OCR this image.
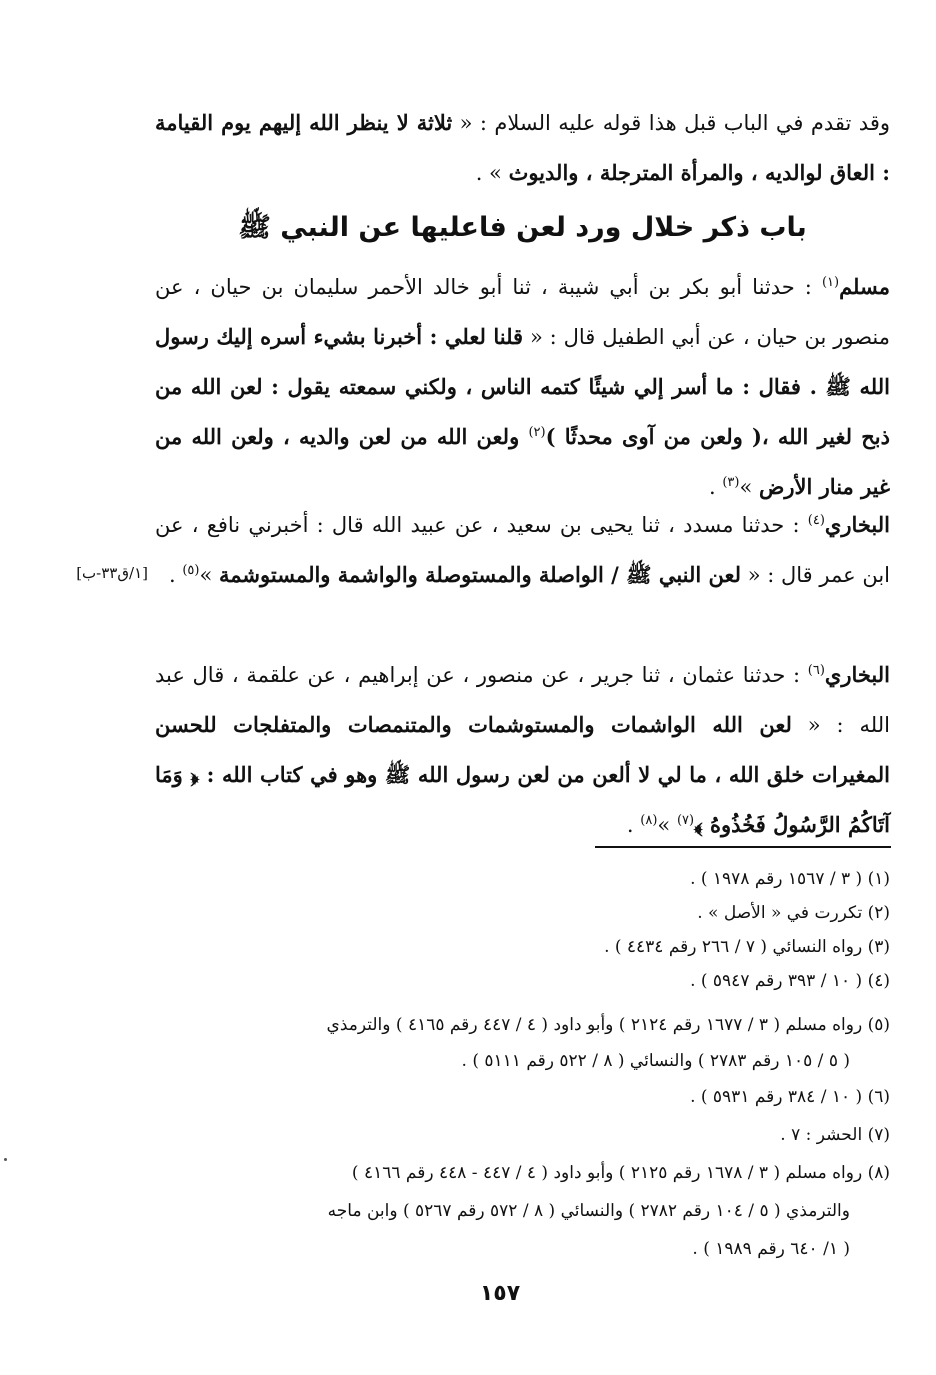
وقد تقدم في الباب قبل هذا قوله عليه السلام : « ثلاثة لا ينظر الله إليهم يوم القيامة : العاق لوالديه ، والمرأة المترجلة ، والديوث » .
باب ذكر خلال ورد لعن فاعليها عن النبي ﷺ
مسلم$^{(١)}$ : حدثنا أبو بكر بن أبي شيبة ، ثنا أبو خالد الأحمر سليمان بن حيان ، عن منصور بن حيان ، عن أبي الطفيل قال : « قلنا لعلي : أخبرنا بشيء أسره إليك رسول الله ﷺ . فقال : ما أسر إلي شيئًا كتمه الناس ، ولكني سمعته يقول : لعن الله من ذبح لغير الله ،( ولعن من آوى محدثًا )$^{(٢)}$ ولعن الله من لعن والديه ، ولعن الله من غير منار الأرض »$^{(٣)}$ .
البخاري$^{(٤)}$ : حدثنا مسدد ، ثنا يحيى بن سعيد ، عن عبيد الله قال : أخبرني نافع ، عن ابن عمر قال : « لعن النبي ﷺ / الواصلة والمستوصلة والواشمة والمستوشمة »$^{(٥)}$ .
[١/ق٣٣-ب]
البخاري$^{(٦)}$ : حدثنا عثمان ، ثنا جرير ، عن منصور ، عن إبراهيم ، عن علقمة ، قال عبد الله : « لعن الله الواشمات والمستوشمات والمتنمصات والمتفلجات للحسن المغيرات خلق الله ، ما لي لا ألعن من لعن رسول الله ﷺ وهو في كتاب الله : ﴿ وَمَا آتَاكُمُ الرَّسُولُ فَخُذُوهُ ﴾$^{(٧)}$ »$^{(٨)}$ .
(١) ( ٣ / ١٥٦٧ رقم ١٩٧٨ ) .
(٢) تكررت في « الأصل » .
(٣) رواه النسائي ( ٧ / ٢٦٦ رقم ٤٤٣٤ ) .
(٤) ( ١٠ / ٣٩٣ رقم ٥٩٤٧ ) .
(٥) رواه مسلم ( ٣ / ١٦٧٧ رقم ٢١٢٤ ) وأبو داود ( ٤ / ٤٤٧ رقم ٤١٦٥ ) والترمذي
( ٥ / ١٠٥ رقم ٢٧٨٣ ) والنسائي ( ٨ / ٥٢٢ رقم ٥١١١ ) .
(٦) ( ١٠ / ٣٨٤ رقم ٥٩٣١ ) .
(٧) الحشر : ٧ .
(٨) رواه مسلم ( ٣ / ١٦٧٨ رقم ٢١٢٥ ) وأبو داود ( ٤ / ٤٤٧ - ٤٤٨ رقم ٤١٦٦ )
والترمذي ( ٥ / ١٠٤ رقم ٢٧٨٢ ) والنسائي ( ٨ / ٥٧٢ رقم ٥٢٦٧ ) وابن ماجه
( ١/ ٦٤٠ رقم ١٩٨٩ ) .
١٥٧
